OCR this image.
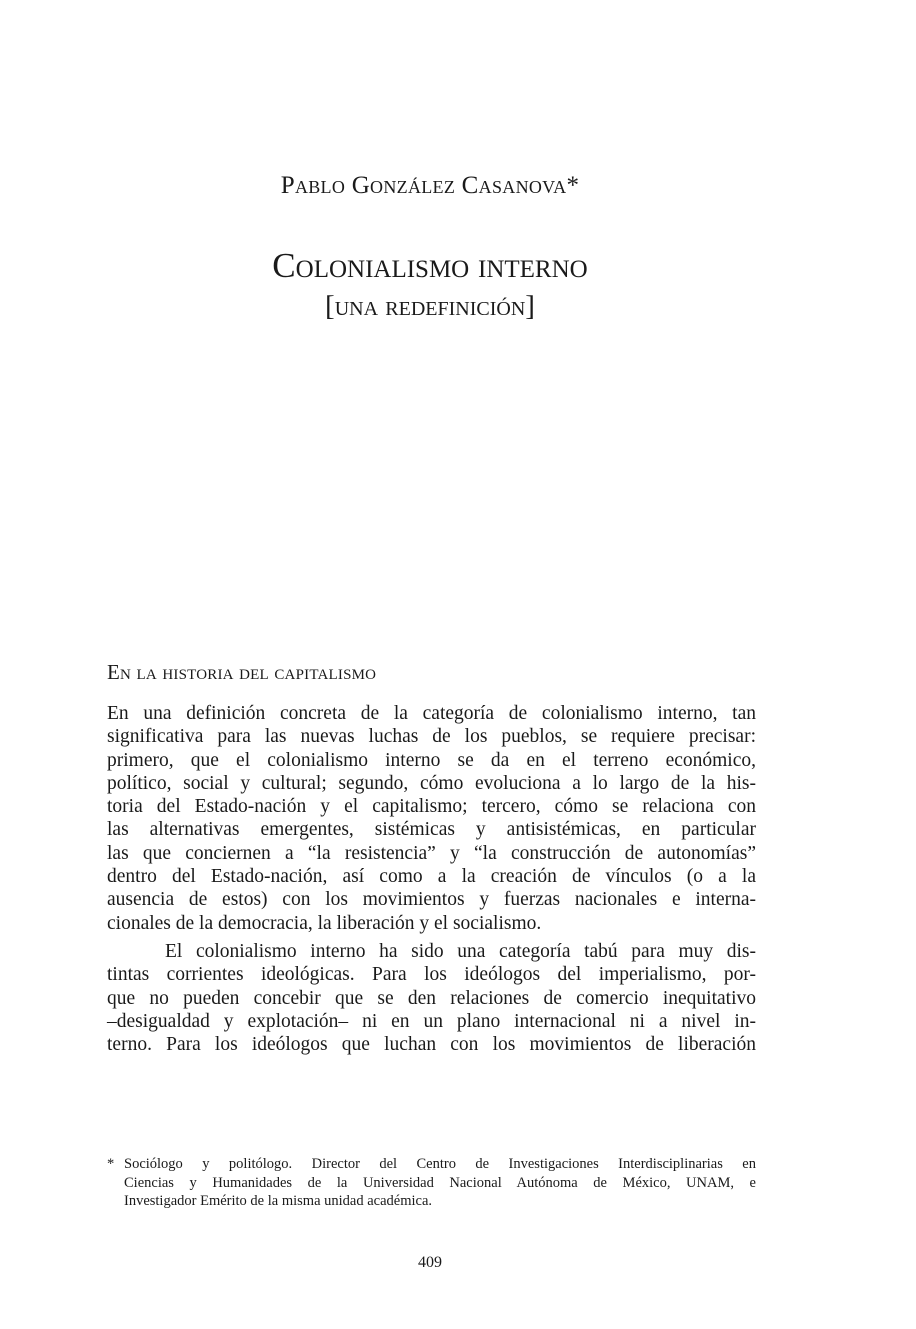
Pablo González Casanova*
Colonialismo interno
[una redefinición]
En la historia del capitalismo
En una definición concreta de la categoría de colonialismo interno, tan
significativa para las nuevas luchas de los pueblos, se requiere precisar:
primero, que el colonialismo interno se da en el terreno económico,
político, social y cultural; segundo, cómo evoluciona a lo largo de la his-
toria del Estado-nación y el capitalismo; tercero, cómo se relaciona con
las alternativas emergentes, sistémicas y antisistémicas, en particular
las que conciernen a “la resistencia” y “la construcción de autonomías”
dentro del Estado-nación, así como a la creación de vínculos (o a la
ausencia de estos) con los movimientos y fuerzas nacionales e interna-
cionales de la democracia, la liberación y el socialismo.
El colonialismo interno ha sido una categoría tabú para muy dis-
tintas corrientes ideológicas. Para los ideólogos del imperialismo, por-
que no pueden concebir que se den relaciones de comercio inequitativo
–desigualdad y explotación– ni en un plano internacional ni a nivel in-
terno. Para los ideólogos que luchan con los movimientos de liberación
* Sociólogo y politólogo. Director del Centro de Investigaciones Interdisciplinarias en
Ciencias y Humanidades de la Universidad Nacional Autónoma de México, UNAM, e
Investigador Emérito de la misma unidad académica.
409
